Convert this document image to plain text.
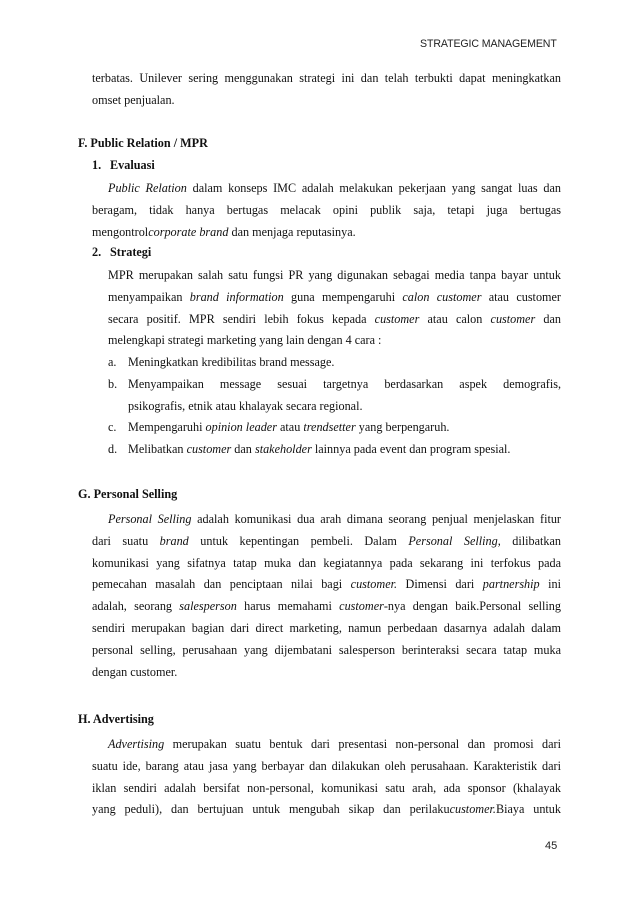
STRATEGIC MANAGEMENT
terbatas. Unilever sering menggunakan strategi ini dan telah terbukti dapat meningkatkan
omset penjualan.
F. Public Relation / MPR
1. Evaluasi
Public Relation dalam konseps IMC adalah melakukan pekerjaan yang sangat luas dan
beragam, tidak hanya bertugas melacak opini publik saja, tetapi juga bertugas
mengontrolcorporate brand dan menjaga reputasinya.
2. Strategi
MPR merupakan salah satu fungsi PR yang digunakan sebagai media tanpa bayar untuk
menyampaikan brand information guna mempengaruhi calon customer atau customer
secara positif. MPR sendiri lebih fokus kepada customer atau calon customer dan
melengkapi strategi marketing yang lain dengan 4 cara :
a. Meningkatkan kredibilitas brand message.
b. Menyampaikan message sesuai targetnya berdasarkan aspek demografis,
psikografis, etnik atau khalayak secara regional.
c. Mempengaruhi opinion leader atau trendsetter yang berpengaruh.
d. Melibatkan customer dan stakeholder lainnya pada event dan program spesial.
G. Personal Selling
Personal Selling adalah komunikasi dua arah dimana seorang penjual menjelaskan fitur
dari suatu brand untuk kepentingan pembeli. Dalam Personal Selling, dilibatkan
komunikasi yang sifatnya tatap muka dan kegiatannya pada sekarang ini terfokus pada
pemecahan masalah dan penciptaan nilai bagi customer. Dimensi dari partnership ini
adalah, seorang salesperson harus memahami customer-nya dengan baik.Personal selling
sendiri merupakan bagian dari direct marketing, namun perbedaan dasarnya adalah dalam
personal selling, perusahaan yang dijembatani salesperson berinteraksi secara tatap muka
dengan customer.
H. Advertising
Advertising merupakan suatu bentuk dari presentasi non-personal dan promosi dari
suatu ide, barang atau jasa yang berbayar dan dilakukan oleh perusahaan. Karakteristik dari
iklan sendiri adalah bersifat non-personal, komunikasi satu arah, ada sponsor (khalayak
yang peduli), dan bertujuan untuk mengubah sikap dan perilakucustomer.Biaya untuk
45
